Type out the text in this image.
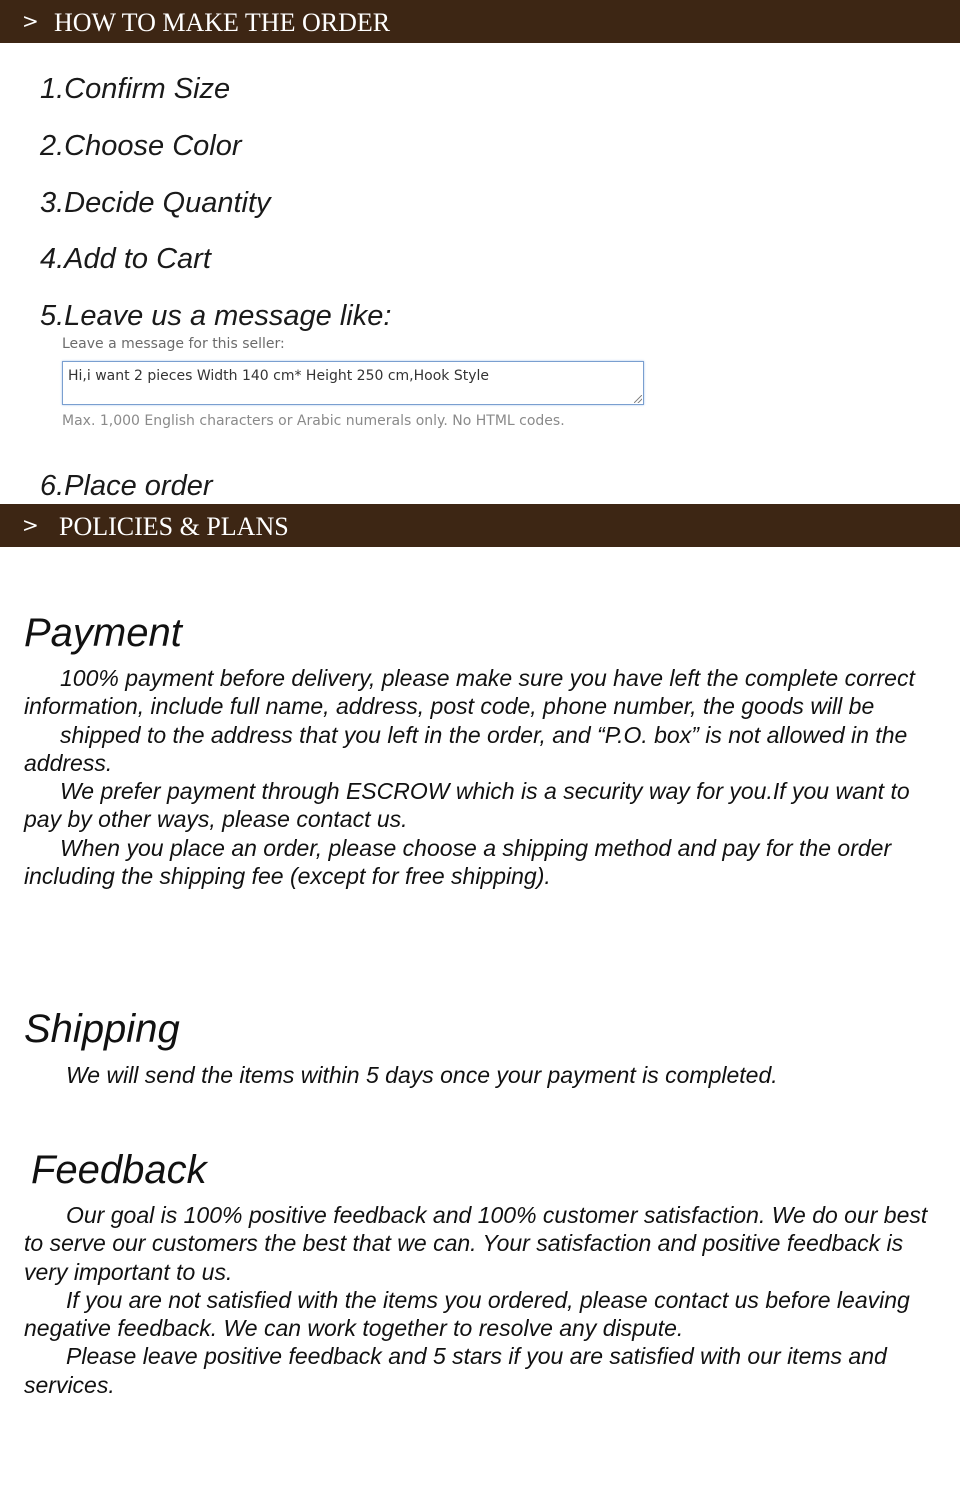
> HOW TO MAKE THE ORDER
1.Confirm Size
2.Choose Color
3.Decide Quantity
4.Add to Cart
5.Leave us a message like:
Leave a message for this seller:
Hi,i want 2 pieces Width 140 cm* Height 250 cm,Hook Style
Max. 1,000 English characters or Arabic numerals only. No HTML codes.
6.Place order
> POLICIES & PLANS
Payment

100% payment before delivery, please make sure you have left the complete correct information, include full name, address, post code, phone number, the goods will be

shipped to the address that you left in the order, and “P.O. box” is not allowed in the address.

We prefer payment through ESCROW which is a security way for you.If you want to pay by other ways, please contact us.

When you place an order, please choose a shipping method and pay for the order including the shipping fee (except for free shipping).

Shipping

We will send the items within 5 days once your payment is completed.

Feedback

Our goal is 100% positive feedback and 100% customer satisfaction. We do our best to serve our customers the best that we can. Your satisfaction and positive feedback is very important to us.

If you are not satisfied with the items you ordered, please contact us before leaving negative feedback. We can work together to resolve any dispute.

Please leave positive feedback and 5 stars if you are satisfied with our items and services.
